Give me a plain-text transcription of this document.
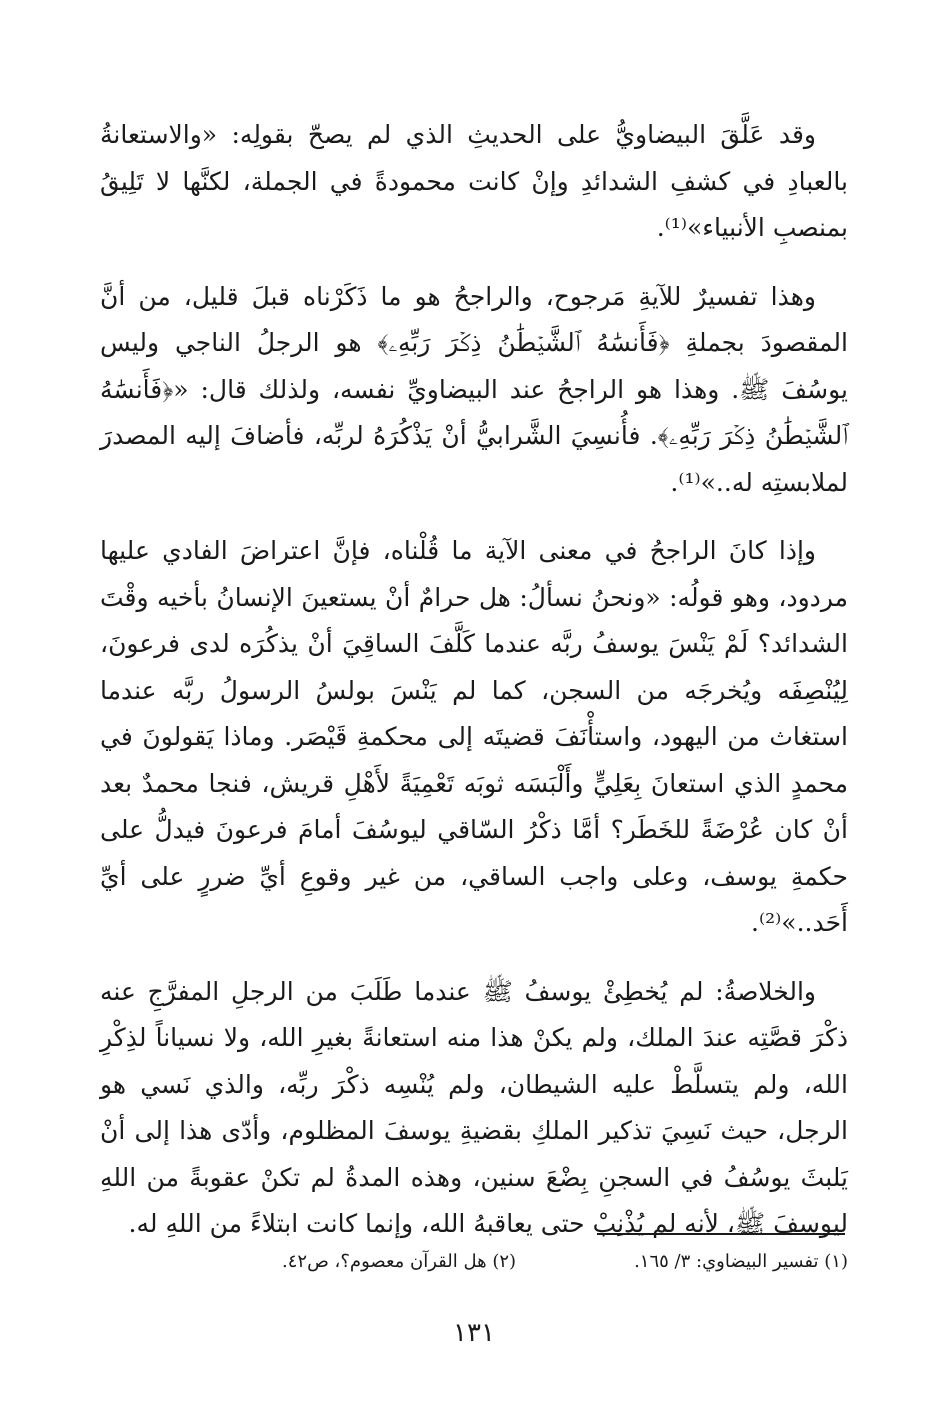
وقد عَلَّقَ البيضاويُّ على الحديثِ الذي لم يصحّ بقولِه: «والاستعانةُ بالعبادِ في كشفِ الشدائدِ وإنْ كانت محمودةً في الجملة، لكنَّها لا تَلِيقُ بمنصبِ الأنبياء»⁽¹⁾.

وهذا تفسيرٌ للآيةِ مَرجوح، والراجحُ هو ما ذَكَرْناه قبلَ قليل، من أنَّ المقصودَ بجملةِ ﴿فَأَنسَٰهُ ٱلشَّيۡطَٰنُ ذِكۡرَ رَبِّهِۦ﴾ هو الرجلُ الناجي وليس يوسُفَ ﷺ. وهذا هو الراجحُ عند البيضاويِّ نفسه، ولذلك قال: «﴿فَأَنسَٰهُ ٱلشَّيۡطَٰنُ ذِكۡرَ رَبِّهِۦ﴾. فأُنسِيَ الشَّرابيُّ أنْ يَذْكُرَهُ لربِّه، فأضافَ إليه المصدرَ لملابستِه له..»⁽¹⁾.

وإذا كانَ الراجحُ في معنى الآية ما قُلْناه، فإنَّ اعتراضَ الفادي عليها مردود، وهو قولُه: «ونحنُ نسألُ: هل حرامٌ أنْ يستعينَ الإنسانُ بأخيه وقْتَ الشدائد؟ لَمْ يَنْسَ يوسفُ ربَّه عندما كَلَّفَ الساقِيَ أنْ يذكُرَه لدى فرعونَ، لِيُنْصِفَه ويُخرجَه من السجن، كما لم يَنْسَ بولسُ الرسولُ ربَّه عندما استغاث من اليهود، واستأْنَفَ قضيتَه إلى محكمةِ قَيْصَر. وماذا يَقولونَ في محمدٍ الذي استعانَ بِعَلِيٍّ وأَلْبَسَه ثوبَه تَعْمِيَةً لأَهْلِ قريش، فنجا محمدٌ بعد أنْ كان عُرْضَةً للخَطَر؟ أمَّا ذكْرُ السّاقي ليوسُفَ أمامَ فرعونَ فيدلُّ على حكمةِ يوسف، وعلى واجب الساقي، من غير وقوعِ أيِّ ضررٍ على أيِّ أَحَد..»⁽²⁾.

والخلاصةُ: لم يُخطِئْ يوسفُ ﷺ عندما طَلَبَ من الرجلِ المفرَّجِ عنه ذكْرَ قصَّتِه عندَ الملك، ولم يكنْ هذا منه استعانةً بغيرِ الله، ولا نسياناً لذِكْرِ الله، ولم يتسلَّطْ عليه الشيطان، ولم يُنْسِه ذكْرَ ربِّه، والذي نَسي هو الرجل، حيث نَسِيَ تذكير الملكِ بقضيةِ يوسفَ المظلوم، وأدّى هذا إلى أنْ يَلبثَ يوسُفُ في السجنِ بِضْعَ سنين، وهذه المدةُ لم تكنْ عقوبةً من اللهِ ليوسفَ ﷺ، لأنه لم يُذْنِبْ حتى يعاقبهُ الله، وإنما كانت ابتلاءً من اللهِ له.

(١) تفسير البيضاوي: ٣/ ١٦٥.
(٢) هل القرآن معصوم؟، ص٤٢.
١٣١
